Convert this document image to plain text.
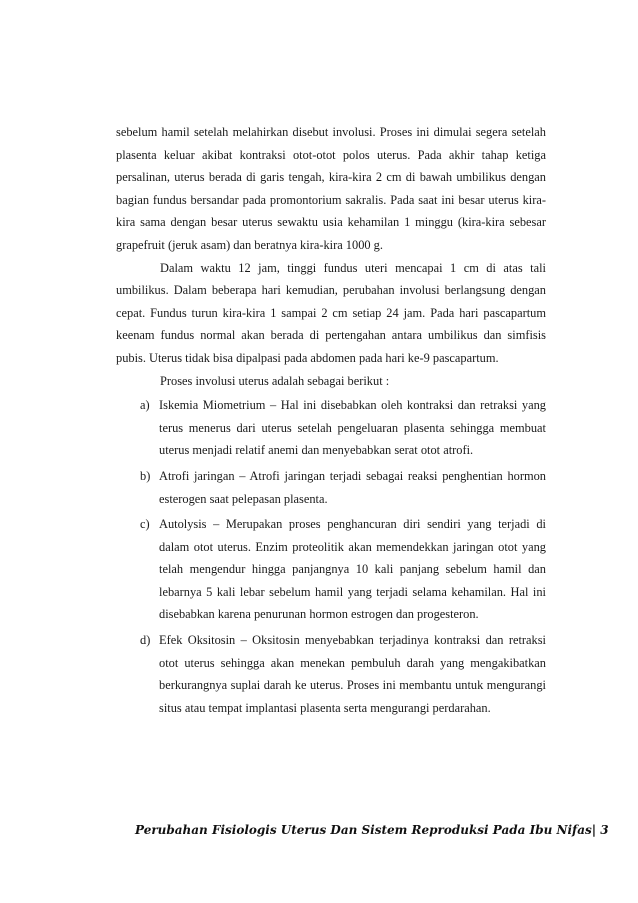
sebelum hamil setelah melahirkan disebut involusi. Proses ini dimulai segera setelah plasenta keluar akibat kontraksi otot-otot polos uterus. Pada akhir tahap ketiga persalinan, uterus berada di garis tengah, kira-kira 2 cm di bawah umbilikus dengan bagian fundus bersandar pada promontorium sakralis. Pada saat ini besar uterus kira-kira sama dengan besar uterus sewaktu usia kehamilan 1 minggu (kira-kira sebesar grapefruit (jeruk asam) dan beratnya kira-kira 1000 g.

Dalam waktu 12 jam, tinggi fundus uteri mencapai 1 cm di atas tali umbilikus. Dalam beberapa hari kemudian, perubahan involusi berlangsung dengan cepat. Fundus turun kira-kira 1 sampai 2 cm setiap 24 jam. Pada hari pascapartum keenam fundus normal akan berada di pertengahan antara umbilikus dan simfisis pubis. Uterus tidak bisa dipalpasi pada abdomen pada hari ke-9 pascapartum.

Proses involusi uterus adalah sebagai berikut :

a) Iskemia Miometrium – Hal ini disebabkan oleh kontraksi dan retraksi yang terus menerus dari uterus setelah pengeluaran plasenta sehingga membuat uterus menjadi relatif anemi dan menyebabkan serat otot atrofi.

b) Atrofi jaringan – Atrofi jaringan terjadi sebagai reaksi penghentian hormon esterogen saat pelepasan plasenta.

c) Autolysis – Merupakan proses penghancuran diri sendiri yang terjadi di dalam otot uterus. Enzim proteolitik akan memendekkan jaringan otot yang telah mengendur hingga panjangnya 10 kali panjang sebelum hamil dan lebarnya 5 kali lebar sebelum hamil yang terjadi selama kehamilan. Hal ini disebabkan karena penurunan hormon estrogen dan progesteron.

d) Efek Oksitosin – Oksitosin menyebabkan terjadinya kontraksi dan retraksi otot uterus sehingga akan menekan pembuluh darah yang mengakibatkan berkurangnya suplai darah ke uterus. Proses ini membantu untuk mengurangi situs atau tempat implantasi plasenta serta mengurangi perdarahan.

Perubahan Fisiologis Uterus Dan Sistem Reproduksi Pada Ibu Nifas| 3
